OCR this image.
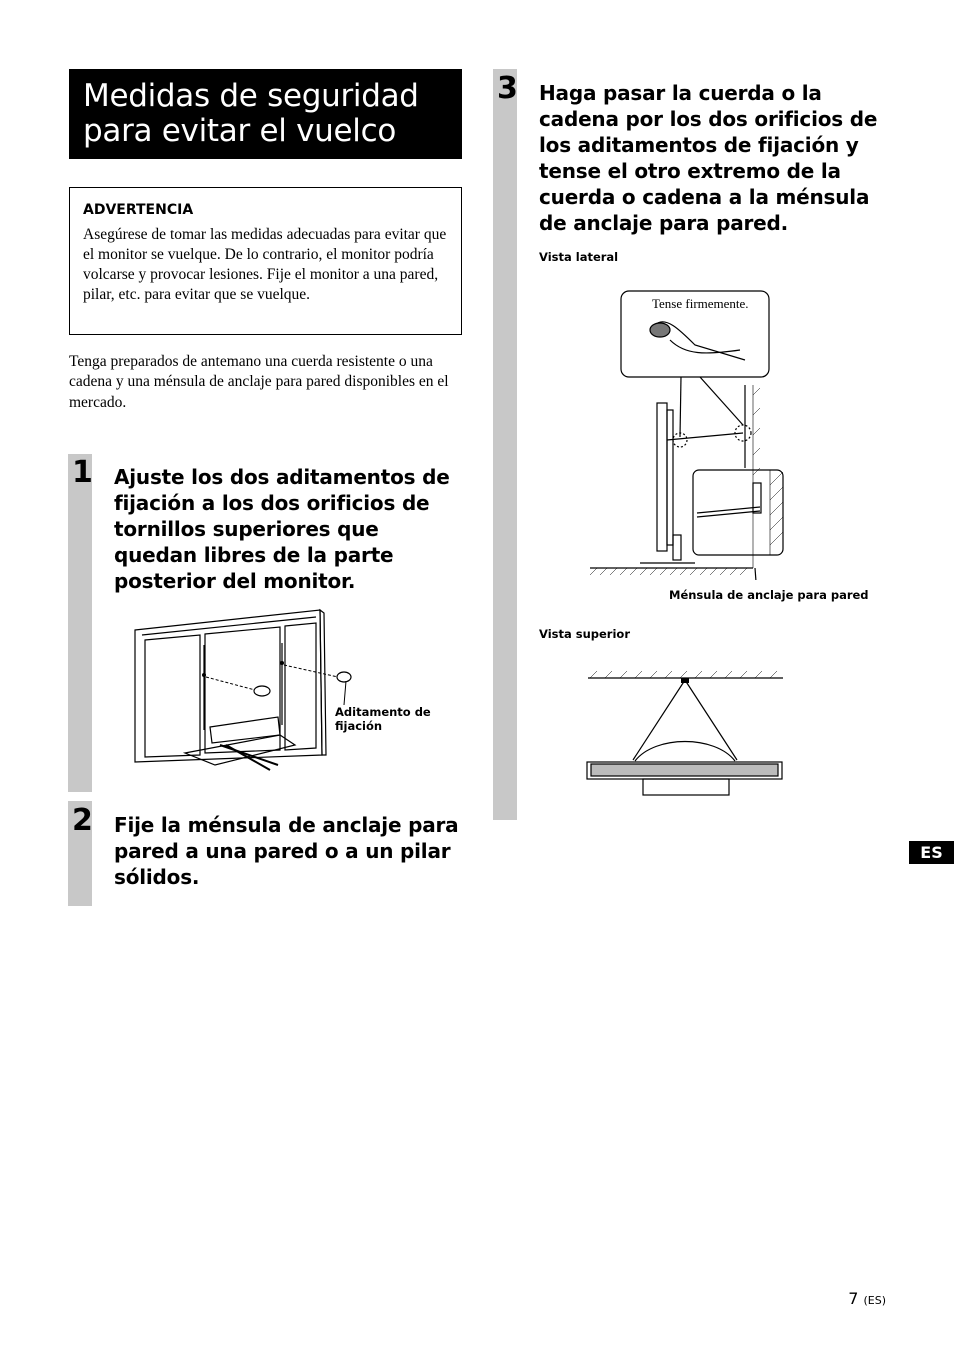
Medidas de seguridad para evitar el vuelco
ADVERTENCIA
Asegúrese de tomar las medidas adecuadas para evitar que el monitor se vuelque. De lo contrario, el monitor podría volcarse y provocar lesiones. Fije el monitor a una pared, pilar, etc. para evitar que se vuelque.
Tenga preparados de antemano una cuerda resistente o una cadena y una ménsula de anclaje para pared disponibles en el mercado.
1 Ajuste los dos aditamentos de fijación a los dos orificios de tornillos superiores que quedan libres de la parte posterior del monitor.
Aditamento de
fijación
2 Fije la ménsula de anclaje para pared a una pared o a un pilar sólidos.
3 Haga pasar la cuerda o la cadena por los dos orificios de los aditamentos de fijación y tense el otro extremo de la cuerda o cadena a la ménsula de anclaje para pared.
Vista lateral
Tense firmemente.
Ménsula de anclaje para pared
Vista superior
ES
7 (ES)
